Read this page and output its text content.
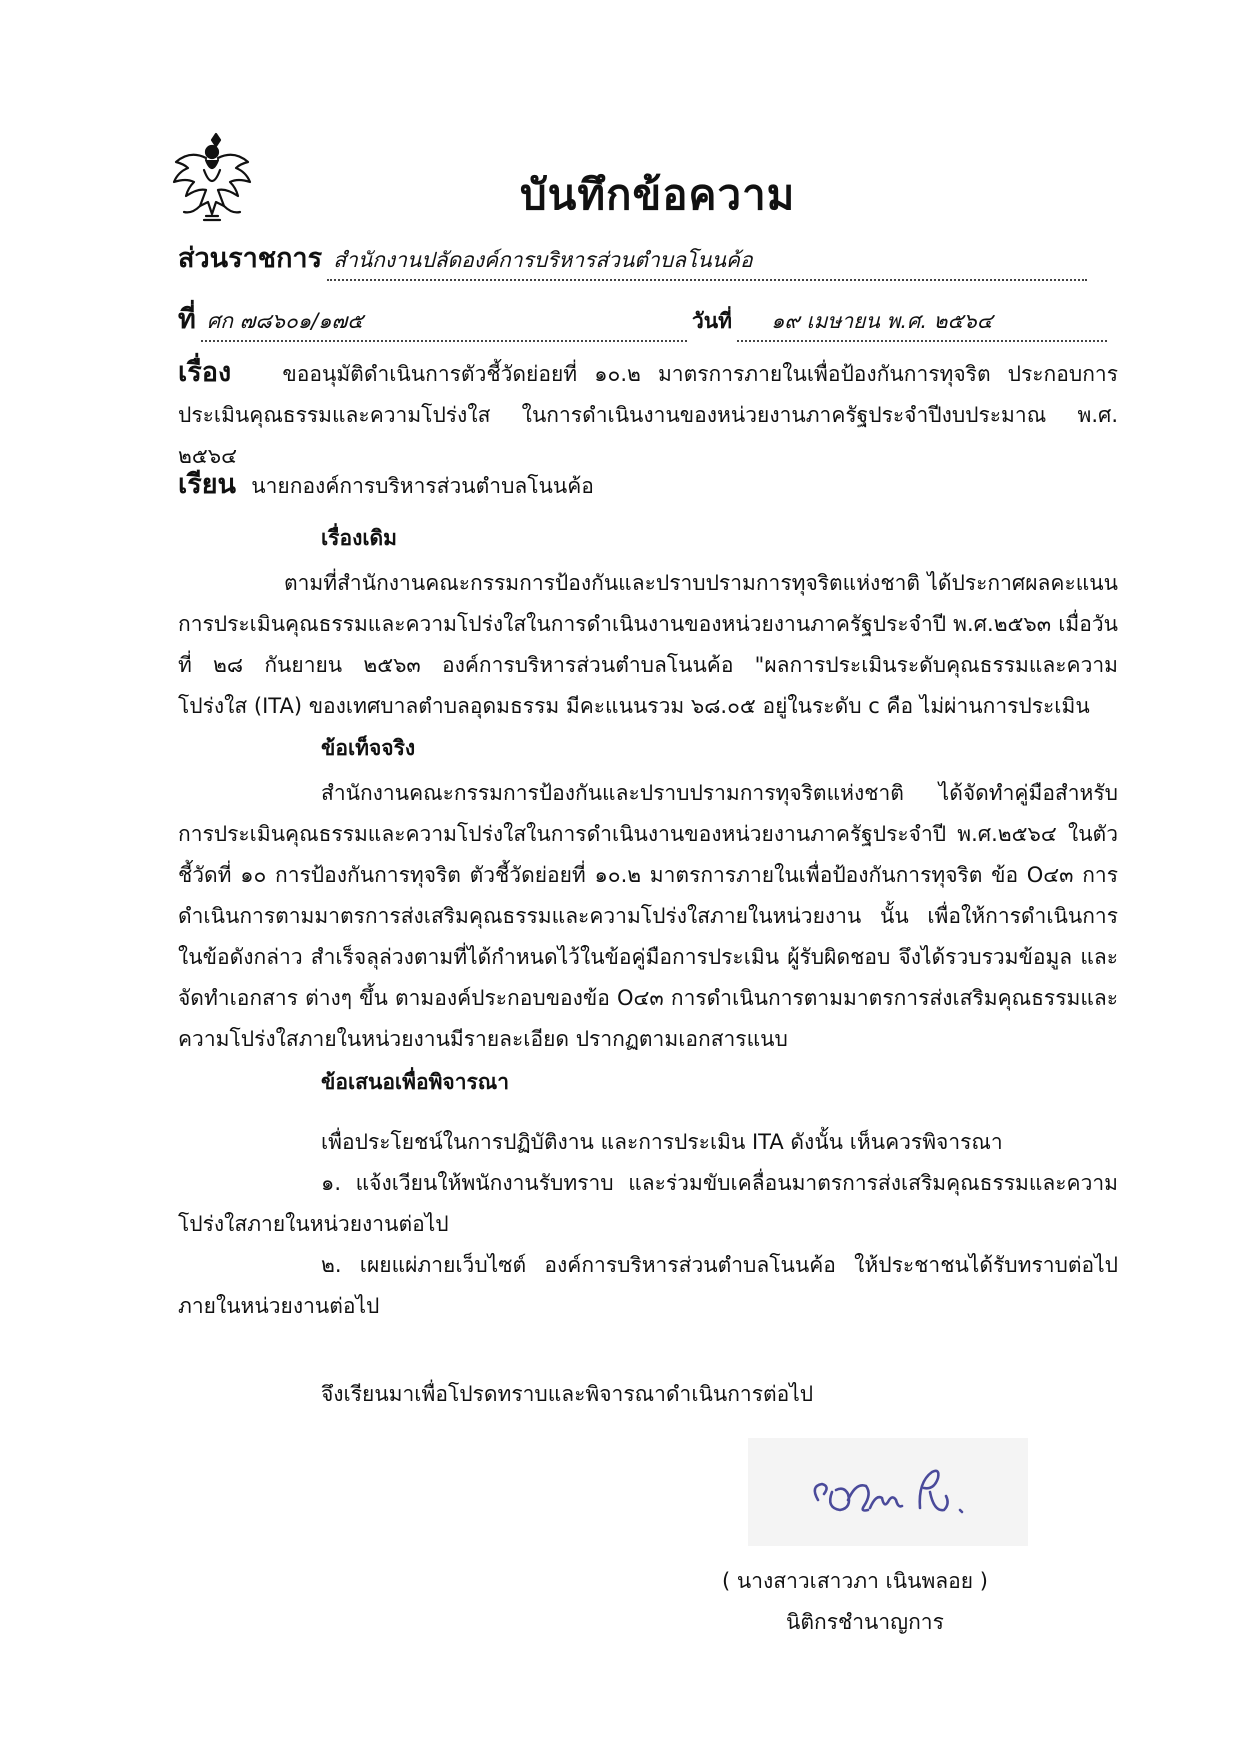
บันทึกข้อความ
ส่วนราชการ สำนักงานปลัดองค์การบริหารส่วนตำบลโนนค้อ
ที่ ศก ๗๘๖๐๑/๑๗๕	วันที่ ๑๙ เมษายน พ.ศ. ๒๕๖๔
เรื่อง ขออนุมัติดำเนินการตัวชี้วัดย่อยที่ ๑๐.๒ มาตรการภายในเพื่อป้องกันการทุจริต ประกอบการประเมินคุณธรรมและความโปร่งใส ในการดำเนินงานของหน่วยงานภาครัฐประจำปีงบประมาณ พ.ศ. ๒๕๖๔
เรียน นายกองค์การบริหารส่วนตำบลโนนค้อ
เรื่องเดิม
ตามที่สำนักงานคณะกรรมการป้องกันและปราบปรามการทุจริตแห่งชาติ ได้ประกาศผลคะแนนการประเมินคุณธรรมและความโปร่งใสในการดำเนินงานของหน่วยงานภาครัฐประจำปี พ.ศ.๒๕๖๓ เมื่อวันที่ ๒๘ กันยายน ๒๕๖๓ องค์การบริหารส่วนตำบลโนนค้อ "ผลการประเมินระดับคุณธรรมและความ โปร่งใส (ITA) ของเทศบาลตำบลอุดมธรรม มีคะแนนรวม ๖๘.๐๕ อยู่ในระดับ c คือ ไม่ผ่านการประเมิน
ข้อเท็จจริง
สำนักงานคณะกรรมการป้องกันและปราบปรามการทุจริตแห่งชาติ ได้จัดทำคู่มือสำหรับการประเมินคุณธรรมและความโปร่งใสในการดำเนินงานของหน่วยงานภาครัฐประจำปี พ.ศ.๒๕๖๔ ในตัวชี้วัดที่ ๑๐ การป้องกันการทุจริต ตัวชี้วัดย่อยที่ ๑๐.๒ มาตรการภายในเพื่อป้องกันการทุจริต ข้อ O๔๓ การดำเนินการตามมาตรการส่งเสริมคุณธรรมและความโปร่งใสภายในหน่วยงาน นั้น เพื่อให้การดำเนินการในข้อดังกล่าว สำเร็จลุล่วงตามที่ได้กำหนดไว้ในข้อคู่มือการประเมิน ผู้รับผิดชอบ จึงได้รวบรวมข้อมูล และจัดทำเอกสาร ต่างๆ ขึ้น ตามองค์ประกอบของข้อ O๔๓ การดำเนินการตามมาตรการส่งเสริมคุณธรรมและความโปร่งใสภายในหน่วยงานมีรายละเอียด ปรากฏตามเอกสารแนบ
ข้อเสนอเพื่อพิจารณา
เพื่อประโยชน์ในการปฏิบัติงาน และการประเมิน ITA ดังนั้น เห็นควรพิจารณา
๑. แจ้งเวียนให้พนักงานรับทราบ และร่วมขับเคลื่อนมาตรการส่งเสริมคุณธรรมและความโปร่งใสภายในหน่วยงานต่อไป
๒. เผยแผ่ภายเว็บไซต์ องค์การบริหารส่วนตำบลโนนค้อ ให้ประชาชนได้รับทราบต่อไปภายในหน่วยงานต่อไป
จึงเรียนมาเพื่อโปรดทราบและพิจารณาดำเนินการต่อไป
( นางสาวเสาวภา เนินพลอย )
นิติกรชำนาญการ
